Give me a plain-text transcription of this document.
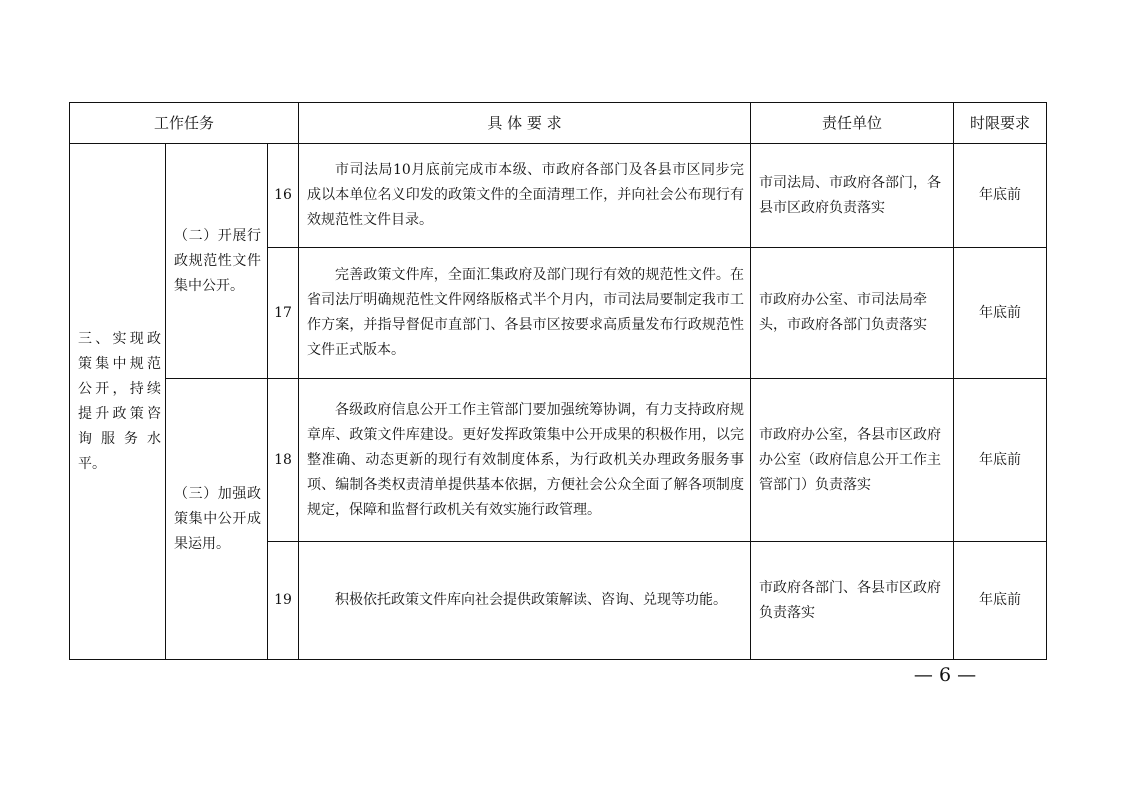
工作任务			具 体 要 求	责任单位	时限要求
三、实现政策集中规范公开，持续提升政策咨询服务水平。	（二）开展行政规范性文件集中公开。	16	市司法局10月底前完成市本级、市政府各部门及各县市区同步完成以本单位名义印发的政策文件的全面清理工作，并向社会公布现行有效规范性文件目录。	市司法局、市政府各部门，各县市区政府负责落实	年底前
		17	完善政策文件库，全面汇集政府及部门现行有效的规范性文件。在省司法厅明确规范性文件网络版格式半个月内，市司法局要制定我市工作方案，并指导督促市直部门、各县市区按要求高质量发布行政规范性文件正式版本。	市政府办公室、市司法局牵头，市政府各部门负责落实	年底前
	（三）加强政策集中公开成果运用。	18	各级政府信息公开工作主管部门要加强统筹协调，有力支持政府规章库、政策文件库建设。更好发挥政策集中公开成果的积极作用，以完整准确、动态更新的现行有效制度体系，为行政机关办理政务服务事项、编制各类权责清单提供基本依据，方便社会公众全面了解各项制度规定，保障和监督行政机关有效实施行政管理。	市政府办公室，各县市区政府办公室（政府信息公开工作主管部门）负责落实	年底前
		19	积极依托政策文件库向社会提供政策解读、咨询、兑现等功能。	市政府各部门、各县市区政府负责落实	年底前
— 6 —
